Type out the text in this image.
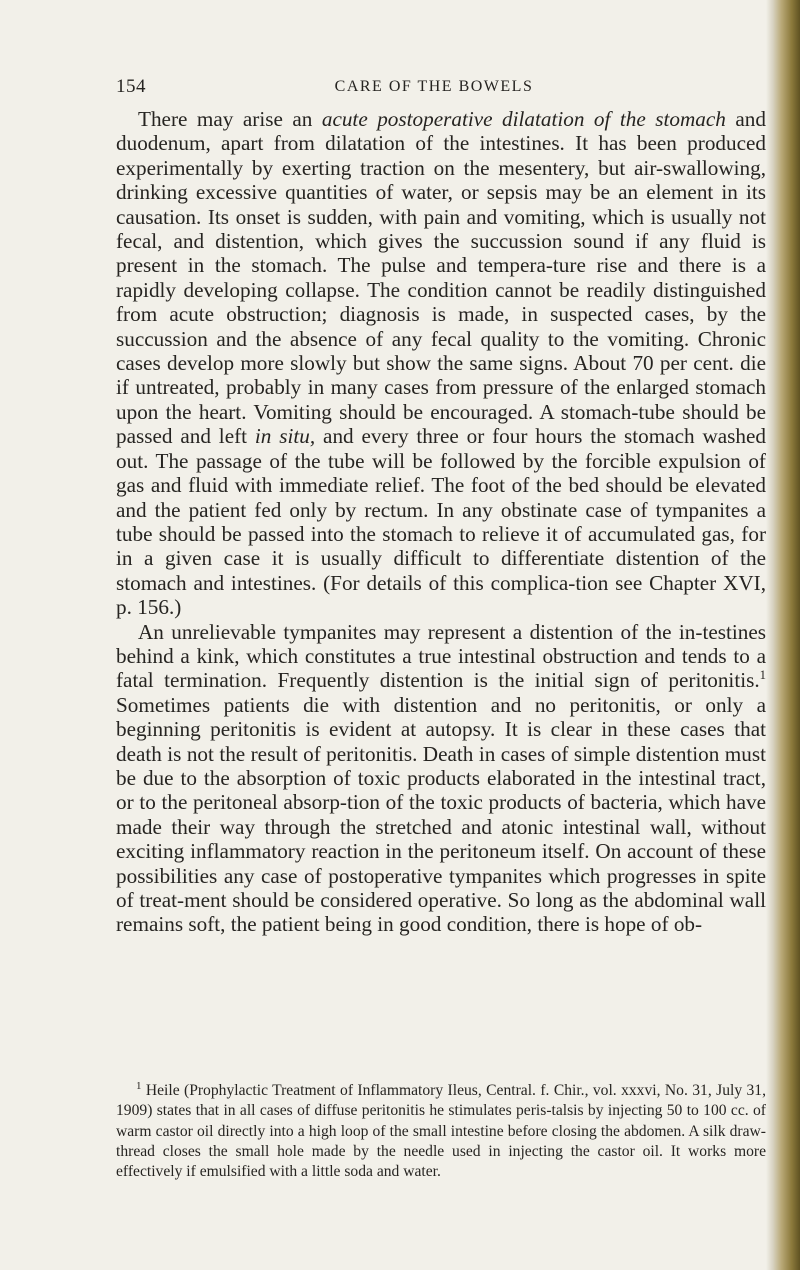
154	CARE OF THE BOWELS

There may arise an acute postoperative dilatation of the stomach and duodenum, apart from dilatation of the intestines. It has been produced experimentally by exerting traction on the mesentery, but air-swallowing, drinking excessive quantities of water, or sepsis may be an element in its causation. Its onset is sudden, with pain and vomiting, which is usually not fecal, and distention, which gives the succussion sound if any fluid is present in the stomach. The pulse and tempera-ture rise and there is a rapidly developing collapse. The condition cannot be readily distinguished from acute obstruction; diagnosis is made, in suspected cases, by the succussion and the absence of any fecal quality to the vomiting. Chronic cases develop more slowly but show the same signs. About 70 per cent. die if untreated, probably in many cases from pressure of the enlarged stomach upon the heart. Vomiting should be encouraged. A stomach-tube should be passed and left in situ, and every three or four hours the stomach washed out. The passage of the tube will be followed by the forcible expulsion of gas and fluid with immediate relief. The foot of the bed should be elevated and the patient fed only by rectum. In any obstinate case of tympanites a tube should be passed into the stomach to relieve it of accumulated gas, for in a given case it is usually difficult to differentiate distention of the stomach and intestines. (For details of this complica-tion see Chapter XVI, p. 156.)

An unrelievable tympanites may represent a distention of the in-testines behind a kink, which constitutes a true intestinal obstruction and tends to a fatal termination. Frequently distention is the initial sign of peritonitis.$^1$ Sometimes patients die with distention and no peritonitis, or only a beginning peritonitis is evident at autopsy. It is clear in these cases that death is not the result of peritonitis. Death in cases of simple distention must be due to the absorption of toxic products elaborated in the intestinal tract, or to the peritoneal absorp-tion of the toxic products of bacteria, which have made their way through the stretched and atonic intestinal wall, without exciting inflammatory reaction in the peritoneum itself. On account of these possibilities any case of postoperative tympanites which progresses in spite of treat-ment should be considered operative. So long as the abdominal wall remains soft, the patient being in good condition, there is hope of ob-

$^1$ Heile (Prophylactic Treatment of Inflammatory Ileus, Central. f. Chir., vol. xxxvi, No. 31, July 31, 1909) states that in all cases of diffuse peritonitis he stimulates peris-talsis by injecting 50 to 100 cc. of warm castor oil directly into a high loop of the small intestine before closing the abdomen. A silk draw-thread closes the small hole made by the needle used in injecting the castor oil. It works more effectively if emulsified with a little soda and water.
